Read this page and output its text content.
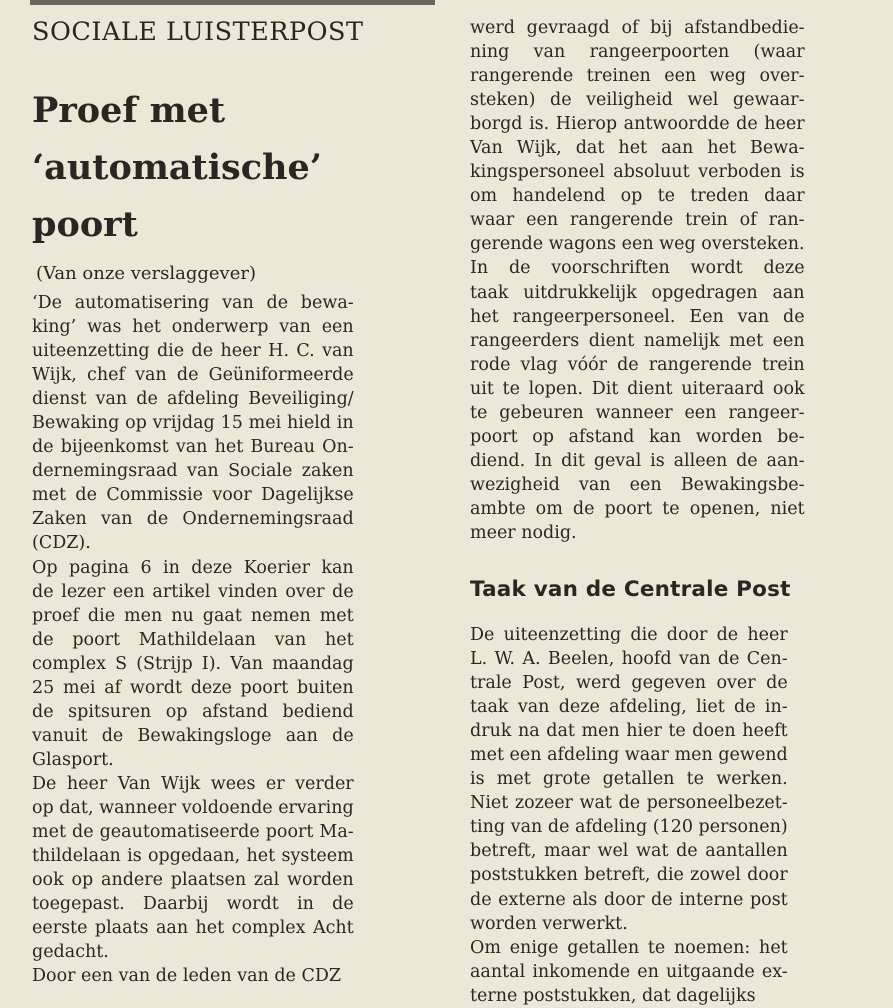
SOCIALE LUISTERPOST
Proef met
‘automatische’
poort
(Van onze verslaggever)
‘De automatisering van de bewa-
king’ was het onderwerp van een
uiteenzetting die de heer H. C. van
Wijk, chef van de Geüniformeerde
dienst van de afdeling Beveiliging/
Bewaking op vrijdag 15 mei hield in
de bijeenkomst van het Bureau On-
dernemingsraad van Sociale zaken
met de Commissie voor Dagelijkse
Zaken van de Ondernemingsraad
(CDZ).
Op pagina 6 in deze Koerier kan
de lezer een artikel vinden over de
proef die men nu gaat nemen met
de poort Mathildelaan van het
complex S (Strijp I). Van maandag
25 mei af wordt deze poort buiten
de spitsuren op afstand bediend
vanuit de Bewakingsloge aan de
Glasport.
De heer Van Wijk wees er verder
op dat, wanneer voldoende ervaring
met de geautomatiseerde poort Ma-
thildelaan is opgedaan, het systeem
ook op andere plaatsen zal worden
toegepast. Daarbij wordt in de
eerste plaats aan het complex Acht
gedacht.
Door een van de leden van de CDZ
werd gevraagd of bij afstandbedie-
ning van rangeerpoorten (waar
rangerende treinen een weg over-
steken) de veiligheid wel gewaar-
borgd is. Hierop antwoordde de heer
Van Wijk, dat het aan het Bewa-
kingspersoneel absoluut verboden is
om handelend op te treden daar
waar een rangerende trein of ran-
gerende wagons een weg oversteken.
In de voorschriften wordt deze
taak uitdrukkelijk opgedragen aan
het rangeerpersoneel. Een van de
rangeerders dient namelijk met een
rode vlag vóór de rangerende trein
uit te lopen. Dit dient uiteraard ook
te gebeuren wanneer een rangeer-
poort op afstand kan worden be-
diend. In dit geval is alleen de aan-
wezigheid van een Bewakingsbe-
ambte om de poort te openen, niet
meer nodig.
Taak van de Centrale Post
De uiteenzetting die door de heer
L. W. A. Beelen, hoofd van de Cen-
trale Post, werd gegeven over de
taak van deze afdeling, liet de in-
druk na dat men hier te doen heeft
met een afdeling waar men gewend
is met grote getallen te werken.
Niet zozeer wat de personeelbezet-
ting van de afdeling (120 personen)
betreft, maar wel wat de aantallen
poststukken betreft, die zowel door
de externe als door de interne post
worden verwerkt.
Om enige getallen te noemen: het
aantal inkomende en uitgaande ex-
terne poststukken, dat dagelijks
